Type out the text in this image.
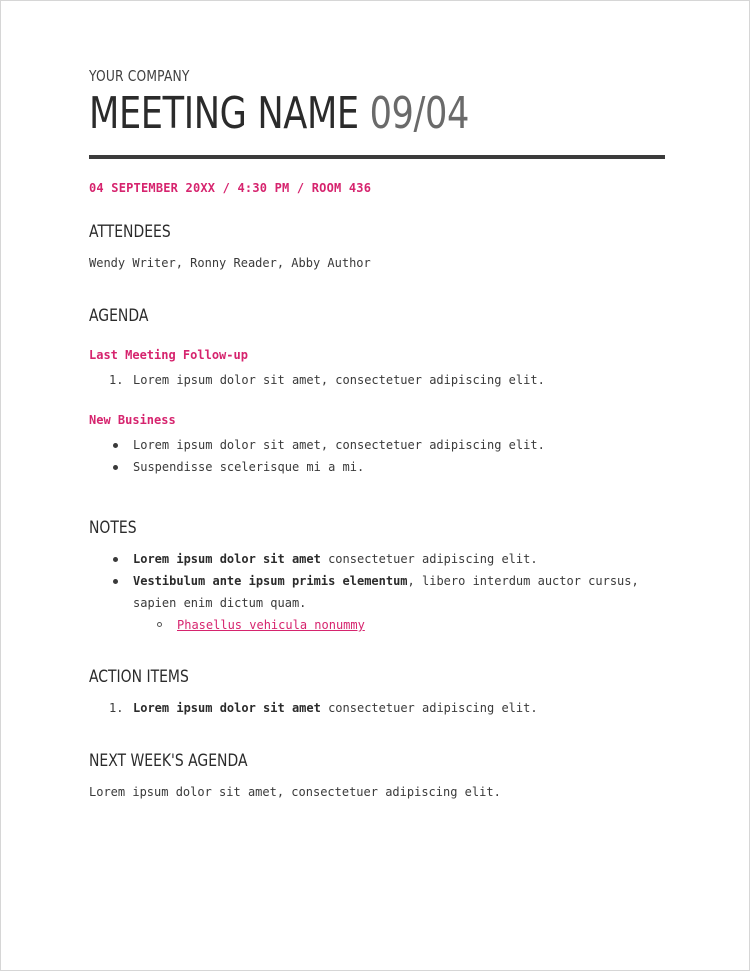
YOUR COMPANY
MEETING NAME 09/04
04 SEPTEMBER 20XX / 4:30 PM / ROOM 436
ATTENDEES
Wendy Writer, Ronny Reader, Abby Author
AGENDA
Last Meeting Follow-up
1. Lorem ipsum dolor sit amet, consectetuer adipiscing elit.
New Business
Lorem ipsum dolor sit amet, consectetuer adipiscing elit.
Suspendisse scelerisque mi a mi.
NOTES
Lorem ipsum dolor sit amet consectetuer adipiscing elit.
Vestibulum ante ipsum primis elementum, libero interdum auctor cursus,
sapien enim dictum quam.
Phasellus vehicula nonummy
ACTION ITEMS
1. Lorem ipsum dolor sit amet consectetuer adipiscing elit.
NEXT WEEK'S AGENDA
Lorem ipsum dolor sit amet, consectetuer adipiscing elit.
